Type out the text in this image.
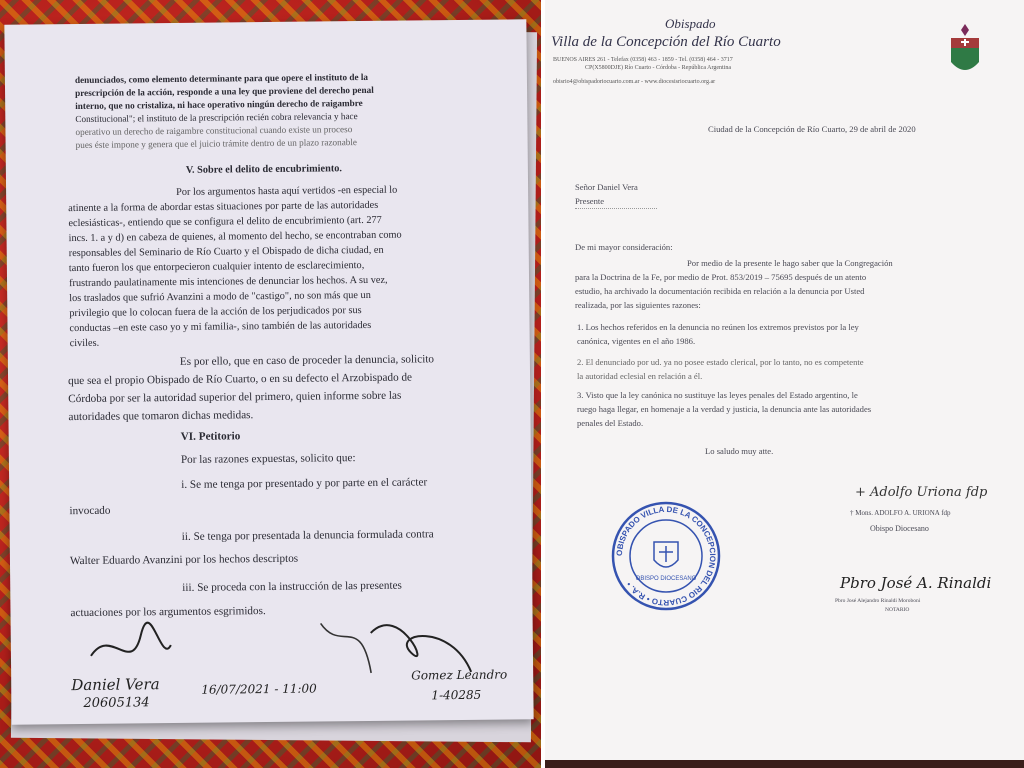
denunciados, como elemento determinante para que opere el instituto de la
prescripción de la acción, responde a una ley que proviene del derecho penal
interno, que no cristaliza, ni hace operativo ningún derecho de raigambre
Constitucional"; el instituto de la prescripción recién cobra relevancia y hace
operativo un derecho de raigambre constitucional cuando existe un proceso
pues éste impone y genera que el juicio trámite dentro de un plazo razonable
V. Sobre el delito de encubrimiento.
Por los argumentos hasta aquí vertidos -en especial lo
atinente a la forma de abordar estas situaciones por parte de las autoridades
eclesiásticas-, entiendo que se configura el delito de encubrimiento (art. 277
incs. 1. a y d) en cabeza de quienes, al momento del hecho, se encontraban como
responsables del Seminario de Río Cuarto y el Obispado de dicha ciudad, en
tanto fueron los que entorpecieron cualquier intento de esclarecimiento,
frustrando paulatinamente mis intenciones de denunciar los hechos. A su vez,
los traslados que sufrió Avanzini a modo de "castigo", no son más que un
privilegio que lo colocan fuera de la acción de los perjudicados por sus
conductas –en este caso yo y mi familia-, sino también de las autoridades
civiles.
Es por ello, que en caso de proceder la denuncia, solicito
que sea el propio Obispado de Río Cuarto, o en su defecto el Arzobispado de
Córdoba por ser la autoridad superior del primero, quien informe sobre las
autoridades que tomaron dichas medidas.
VI. Petitorio
Por las razones expuestas, solicito que:
i. Se me tenga por presentado y por parte en el carácter
invocado
ii. Se tenga por presentada la denuncia formulada contra
Walter Eduardo Avanzini por los hechos descriptos
iii. Se proceda con la instrucción de las presentes
actuaciones por los argumentos esgrimidos.
Daniel Vera
20605134
16/07/2021 - 11:00
Gomez Leandro
1-40285
Obispado
Villa de la Concepción del Río Cuarto
BUENOS AIRES 261 - Telefax (0358) 463 - 1859 - Tel. (0358) 464 - 3717
CP(X5800DJE) Río Cuarto - Córdoba - República Argentina
obisrio4@obispadoriocuarto.com.ar - www.diocesisriocuarto.org.ar
Ciudad de la Concepción de Río Cuarto, 29 de abril de 2020
Señor Daniel Vera
Presente
De mi mayor consideración:
Por medio de la presente le hago saber que la Congregación
para la Doctrina de la Fe, por medio de Prot. 853/2019 – 75695 después de un atento
estudio, ha archivado la documentación recibida en relación a la denuncia por Usted
realizada, por las siguientes razones:
1. Los hechos referidos en la denuncia no reúnen los extremos previstos por la ley
canónica, vigentes en el año 1986.
2. El denunciado por ud. ya no posee estado clerical, por lo tanto, no es competente
la autoridad eclesial en relación a él.
3. Visto que la ley canónica no sustituye las leyes penales del Estado argentino, le
ruego haga llegar, en homenaje a la verdad y justicia, la denuncia ante las autoridades
penales del Estado.
Lo saludo muy atte.
+ Adolfo Uriona fdp
† Mons. ADOLFO A. URIONA fdp
Obispo Diocesano
OBISPADO VILLA DE LA CONCEPCION DEL RIO CUARTO • R.A. •
OBISPO DIOCESANO	Pbro José A. Rinaldi
Pbro José Alejandro Rinaldi Moroboni
NOTARIO
